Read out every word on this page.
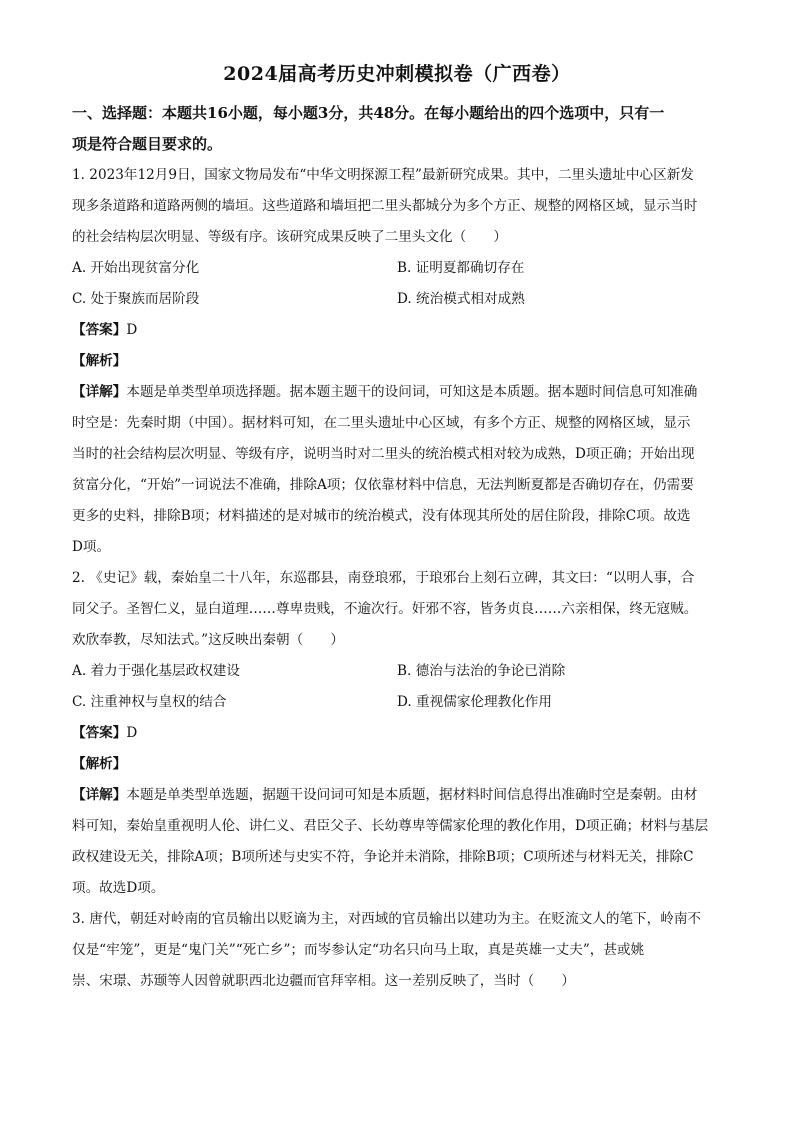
2024届高考历史冲刺模拟卷（广西卷）

一、选择题：本题共16小题，每小题3分，共48分。在每小题给出的四个选项中，只有一

项是符合题目要求的。

1. 2023年12月9日，国家文物局发布“中华文明探源工程”最新研究成果。其中，二里头遗址中心区新发

现多条道路和道路两侧的墙垣。这些道路和墙垣把二里头都城分为多个方正、规整的网格区域，显示当时

的社会结构层次明显、等级有序。该研究成果反映了二里头文化（　　）

A. 开始出现贫富分化	B. 证明夏都确切存在
C. 处于聚族而居阶段	D. 统治模式相对成熟

【答案】D

【解析】

【详解】本题是单类型单项选择题。据本题主题干的设问词，可知这是本质题。据本题时间信息可知准确

时空是：先秦时期（中国）。据材料可知，在二里头遗址中心区域，有多个方正、规整的网格区域，显示

当时的社会结构层次明显、等级有序，说明当时对二里头的统治模式相对较为成熟，D项正确；开始出现

贫富分化，“开始”一词说法不准确，排除A项；仅依靠材料中信息，无法判断夏都是否确切存在，仍需要

更多的史料，排除B项；材料描述的是对城市的统治模式，没有体现其所处的居住阶段，排除C项。故选

D项。

2. 《史记》载，秦始皇二十八年，东巡郡县，南登琅邪，于琅邪台上刻石立碑，其文曰：“以明人事，合

同父子。圣智仁义，显白道理……尊卑贵贱，不逾次行。奸邪不容，皆务贞良……六亲相保，终无寇贼。

欢欣奉教，尽知法式。”这反映出秦朝（　　）

A. 着力于强化基层政权建设	B. 德治与法治的争论已消除
C. 注重神权与皇权的结合	D. 重视儒家伦理教化作用

【答案】D

【解析】

【详解】本题是单类型单选题，据题干设问词可知是本质题，据材料时间信息得出准确时空是秦朝。由材

料可知，秦始皇重视明人伦、讲仁义、君臣父子、长幼尊卑等儒家伦理的教化作用，D项正确；材料与基层

政权建设无关，排除A项；B项所述与史实不符，争论并未消除，排除B项；C项所述与材料无关，排除C

项。故选D项。

3. 唐代，朝廷对岭南的官员输出以贬谪为主，对西域的官员输出以建功为主。在贬流文人的笔下，岭南不

仅是“牢笼”，更是“鬼门关”“死亡乡”；而岑参认定“功名只向马上取，真是英雄一丈夫”，甚或姚

崇、宋璟、苏颋等人因曾就职西北边疆而官拜宰相。这一差别反映了，当时（　　）
